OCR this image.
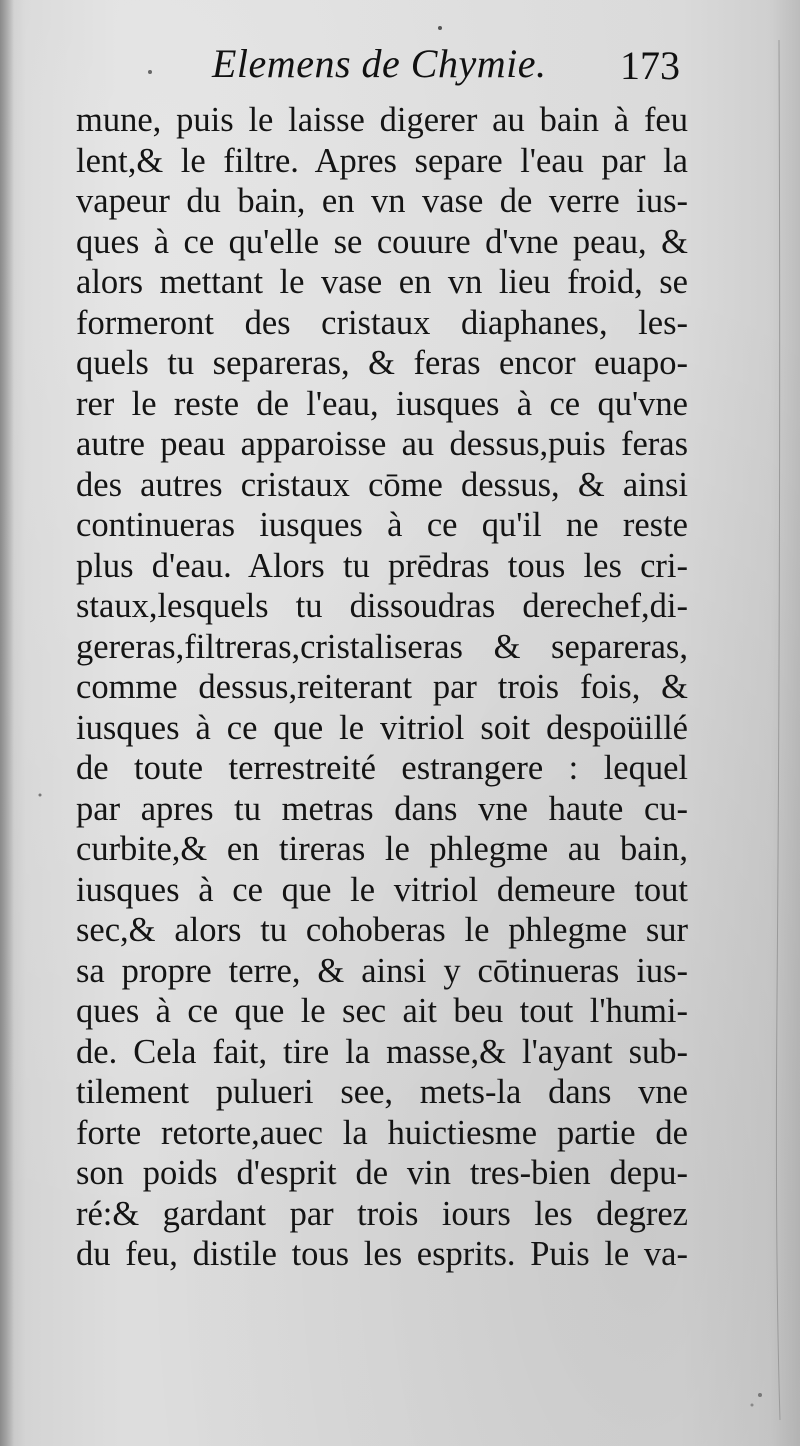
Elemens de Chymie. 173
mune, puis le laisse digerer au bain à feu
lent,& le filtre. Apres separe l'eau par la
vapeur du bain, en vn vase de verre ius-
ques à ce qu'elle se couure d'vne peau, &
alors mettant le vase en vn lieu froid, se
formeront des cristaux diaphanes, les-
quels tu separeras, & feras encor euapo-
rer le reste de l'eau, iusques à ce qu'vne
autre peau apparoisse au dessus,puis feras
des autres cristaux cōme dessus, & ainsi
continueras iusques à ce qu'il ne reste
plus d'eau. Alors tu prēdras tous les cri-
staux,lesquels tu dissoudras derechef,di-
gereras,filtreras,cristaliseras & separeras,
comme dessus,reiterant par trois fois, &
iusques à ce que le vitriol soit despoüillé
de toute terrestreité estrangere : lequel
par apres tu metras dans vne haute cu-
curbite,& en tireras le phlegme au bain,
iusques à ce que le vitriol demeure tout
sec,& alors tu cohoberas le phlegme sur
sa propre terre, & ainsi y cōtinueras ius-
ques à ce que le sec ait beu tout l'humi-
de. Cela fait, tire la masse,& l'ayant sub-
tilement pulueri see, mets-la dans vne
forte retorte,auec la huictiesme partie de
son poids d'esprit de vin tres-bien depu-
ré:& gardant par trois iours les degrez
du feu, distile tous les esprits. Puis le va-
